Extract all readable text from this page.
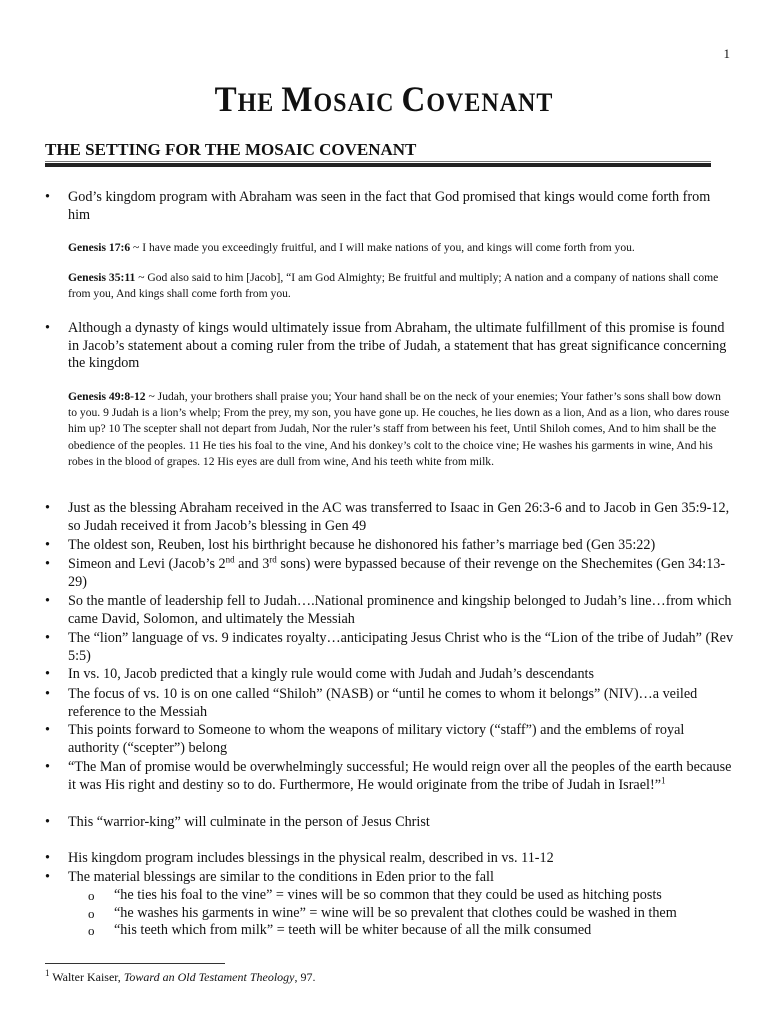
1
THE MOSAIC COVENANT
THE SETTING FOR THE MOSAIC COVENANT
• God’s kingdom program with Abraham was seen in the fact that God promised that kings would come forth from him
Genesis 17:6 ~ I have made you exceedingly fruitful, and I will make nations of you, and kings will come forth from you.
Genesis 35:11 ~ God also said to him [Jacob], “I am God Almighty; Be fruitful and multiply; A nation and a company of nations shall come from you, And kings shall come forth from you.
• Although a dynasty of kings would ultimately issue from Abraham, the ultimate fulfillment of this promise is found in Jacob’s statement about a coming ruler from the tribe of Judah, a statement that has great significance concerning the kingdom
Genesis 49:8-12 ~ Judah, your brothers shall praise you; Your hand shall be on the neck of your enemies; Your father’s sons shall bow down to you. 9 Judah is a lion’s whelp; From the prey, my son, you have gone up. He couches, he lies down as a lion, And as a lion, who dares rouse him up? 10 The scepter shall not depart from Judah, Nor the ruler’s staff from between his feet, Until Shiloh comes, And to him shall be the obedience of the peoples. 11 He ties his foal to the vine, And his donkey’s colt to the choice vine; He washes his garments in wine, And his robes in the blood of grapes. 12 His eyes are dull from wine, And his teeth white from milk.
• Just as the blessing Abraham received in the AC was transferred to Isaac in Gen 26:3-6 and to Jacob in Gen 35:9-12, so Judah received it from Jacob’s blessing in Gen 49
• The oldest son, Reuben, lost his birthright because he dishonored his father’s marriage bed (Gen 35:22)
• Simeon and Levi (Jacob’s 2nd and 3rd sons) were bypassed because of their revenge on the Shechemites (Gen 34:13-29)
• So the mantle of leadership fell to Judah….National prominence and kingship belonged to Judah’s line…from which came David, Solomon, and ultimately the Messiah
• The “lion” language of vs. 9 indicates royalty…anticipating Jesus Christ who is the “Lion of the tribe of Judah” (Rev 5:5)
• In vs. 10, Jacob predicted that a kingly rule would come with Judah and Judah’s descendants
• The focus of vs. 10 is on one called “Shiloh” (NASB) or “until he comes to whom it belongs” (NIV)…a veiled reference to the Messiah
• This points forward to Someone to whom the weapons of military victory (“staff”) and the emblems of royal authority (“scepter”) belong
• “The Man of promise would be overwhelmingly successful; He would reign over all the peoples of the earth because it was His right and destiny so to do. Furthermore, He would originate from the tribe of Judah in Israel!”$^1$
• This “warrior-king” will culminate in the person of Jesus Christ
• His kingdom program includes blessings in the physical realm, described in vs. 11-12
• The material blessings are similar to the conditions in Eden prior to the fall
o “he ties his foal to the vine” = vines will be so common that they could be used as hitching posts
o “he washes his garments in wine” = wine will be so prevalent that clothes could be washed in them
o “his teeth which from milk” = teeth will be whiter because of all the milk consumed
$^1$ Walter Kaiser, Toward an Old Testament Theology, 97.
